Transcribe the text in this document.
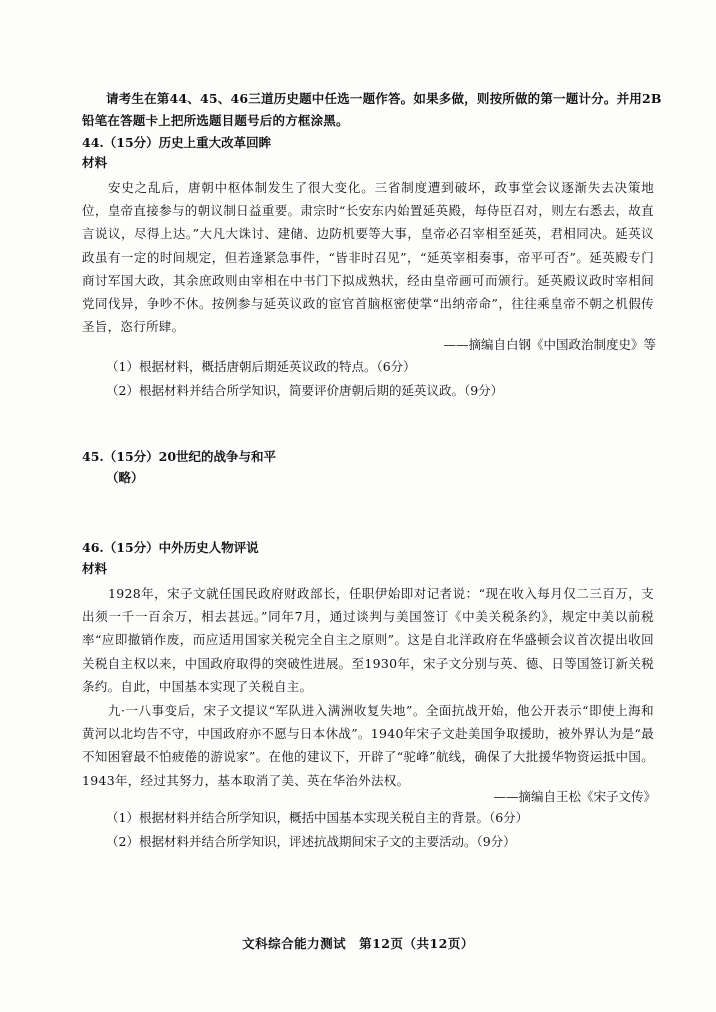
请考生在第44、45、46三道历史题中任选一题作答。如果多做，则按所做的第一题计分。并用2B铅笔在答题卡上把所选题目题号后的方框涂黑。
44.（15分）历史上重大改革回眸
材料
安史之乱后，唐朝中枢体制发生了很大变化。三省制度遭到破坏，政事堂会议逐渐失去决策地位，皇帝直接参与的朝议制日益重要。肃宗时“长安东内始置延英殿，每侍臣召对，则左右悉去，故直言说议，尽得上达。”大凡大诛讨、建储、边防机要等大事，皇帝必召宰相至延英，君相同决。延英议政虽有一定的时间规定，但若逢紧急事件，“皆非时召见”，“延英宰相奏事，帝平可否”。延英殿专门商讨军国大政，其余庶政则由宰相在中书门下拟成熟状，经由皇帝画可而颁行。延英殿议政时宰相间党同伐异，争吵不休。按例参与延英议政的宦官首脑枢密使掌“出纳帝命”，往往乘皇帝不朝之机假传圣旨，恣行所肆。
——摘编自白钢《中国政治制度史》等
（1）根据材料，概括唐朝后期延英议政的特点。（6分）
（2）根据材料并结合所学知识，简要评价唐朝后期的延英议政。（9分）
45.（15分）20世纪的战争与和平
（略）
46.（15分）中外历史人物评说
材料
1928年，宋子文就任国民政府财政部长，任职伊始即对记者说：“现在收入每月仅二三百万，支出须一千一百余万，相去甚远。”同年7月，通过谈判与美国签订《中美关税条约》，规定中美以前税率“应即撤销作废，而应适用国家关税完全自主之原则”。这是自北洋政府在华盛顿会议首次提出收回关税自主权以来，中国政府取得的突破性进展。至1930年，宋子文分别与英、德、日等国签订新关税条约。自此，中国基本实现了关税自主。
九·一八事变后，宋子文提议“军队进入满洲收复失地”。全面抗战开始，他公开表示“即使上海和黄河以北均告不守，中国政府亦不愿与日本休战”。1940年宋子文赴美国争取援助，被外界认为是“最不知困窘最不怕疲倦的游说家”。在他的建议下，开辟了“驼峰”航线，确保了大批援华物资运抵中国。1943年，经过其努力，基本取消了美、英在华治外法权。
——摘编自王松《宋子文传》
（1）根据材料并结合所学知识，概括中国基本实现关税自主的背景。（6分）
（2）根据材料并结合所学知识，评述抗战期间宋子文的主要活动。（9分）
文科综合能力测试　第12页（共12页）
